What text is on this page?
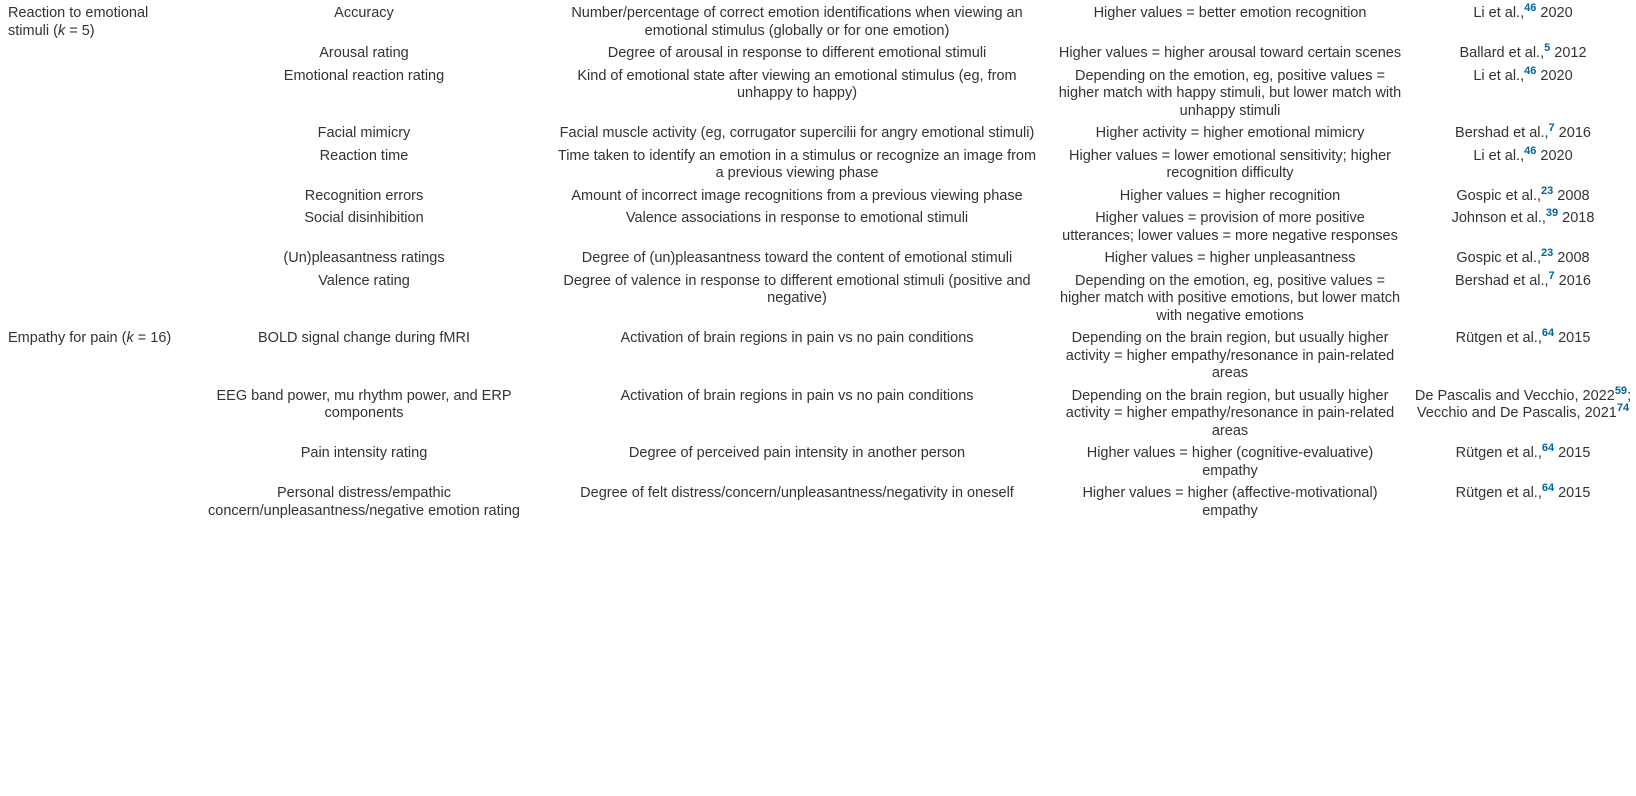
Reaction to emotional stimuli (k = 5)	Accuracy	Number/percentage of correct emotion identifications when viewing an emotional stimulus (globally or for one emotion)	Higher values = better emotion recognition	Li et al.,$^{46}$ 2020
	Arousal rating	Degree of arousal in response to different emotional stimuli	Higher values = higher arousal toward certain scenes	Ballard et al.,$^5$ 2012
	Emotional reaction rating	Kind of emotional state after viewing an emotional stimulus (eg, from unhappy to happy)	Depending on the emotion, eg, positive values = higher match with happy stimuli, but lower match with unhappy stimuli	Li et al.,$^{46}$ 2020
	Facial mimicry	Facial muscle activity (eg, corrugator supercilii for angry emotional stimuli)	Higher activity = higher emotional mimicry	Bershad et al.,$^7$ 2016
	Reaction time	Time taken to identify an emotion in a stimulus or recognize an image from a previous viewing phase	Higher values = lower emotional sensitivity; higher recognition difficulty	Li et al.,$^{46}$ 2020
	Recognition errors	Amount of incorrect image recognitions from a previous viewing phase	Higher values = higher recognition	Gospic et al.,$^{23}$ 2008
	Social disinhibition	Valence associations in response to emotional stimuli	Higher values = provision of more positive utterances; lower values = more negative responses	Johnson et al.,$^{39}$ 2018
	(Un)pleasantness ratings	Degree of (un)pleasantness toward the content of emotional stimuli	Higher values = higher unpleasantness	Gospic et al.,$^{23}$ 2008
	Valence rating	Degree of valence in response to different emotional stimuli (positive and negative)	Depending on the emotion, eg, positive values = higher match with positive emotions, but lower match with negative emotions	Bershad et al.,$^7$ 2016
Empathy for pain (k = 16)	BOLD signal change during fMRI	Activation of brain regions in pain vs no pain conditions	Depending on the brain region, but usually higher activity = higher empathy/resonance in pain-related areas	Rütgen et al.,$^{64}$ 2015
	EEG band power, mu rhythm power, and ERP components	Activation of brain regions in pain vs no pain conditions	Depending on the brain region, but usually higher activity = higher empathy/resonance in pain-related areas	De Pascalis and Vecchio, 2022$^{59}$; Vecchio and De Pascalis, 2021$^{74}$
	Pain intensity rating	Degree of perceived pain intensity in another person	Higher values = higher (cognitive-evaluative) empathy	Rütgen et al.,$^{64}$ 2015
	Personal distress/empathic concern/unpleasantness/negative emotion rating	Degree of felt distress/concern/unpleasantness/negativity in oneself	Higher values = higher (affective-motivational) empathy	Rütgen et al.,$^{64}$ 2015
